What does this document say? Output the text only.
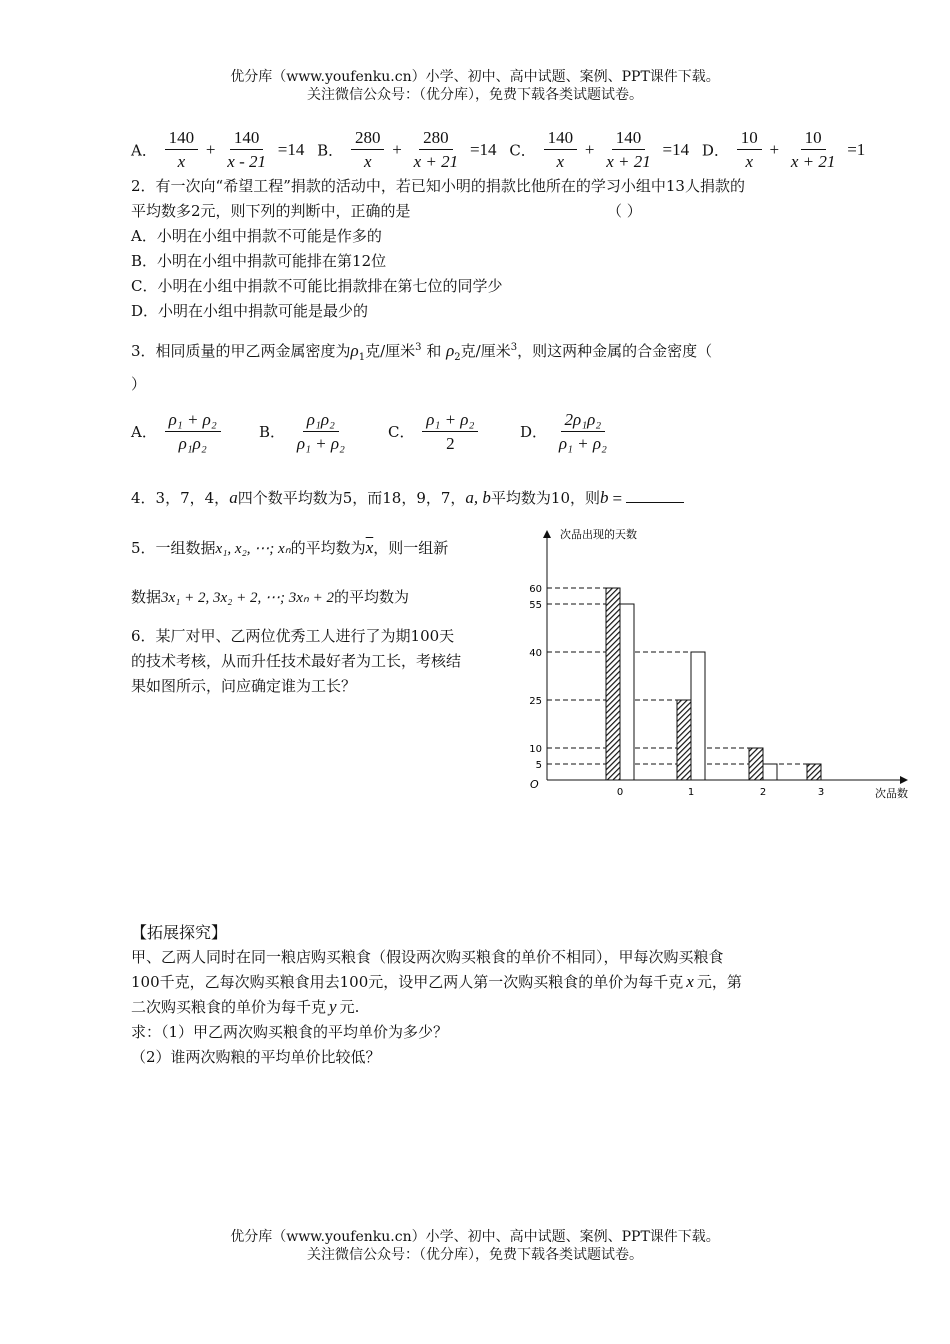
优分库（www.youfenku.cn）小学、初中、高中试题、案例、PPT课件下载。
关注微信公众号：（优分库），免费下载各类试题试卷。
A． $\frac{140}{x} + \frac{140}{x - 21} =14$ B． $\frac{280}{x} + \frac{280}{x + 21} =14$ C． $\frac{140}{x} + \frac{140}{x + 21} =14$ D． $\frac{10}{x} + \frac{10}{x + 21} =1$
2．有一次向“希望工程”捐款的活动中，若已知小明的捐款比他所在的学习小组中13人捐款的
平均数多2元，则下列的判断中，正确的是	（ ）
A．小明在小组中捐款不可能是作多的
B．小明在小组中捐款可能排在第12位
C．小明在小组中捐款不可能比捐款排在第七位的同学少
D．小明在小组中捐款可能是最少的
3．相同质量的甲乙两金属密度为$\rho_1$克/厘米$^3$ 和 $\rho_2$克/厘米$^3$，则这两种金属的合金密度（
）
A． $\frac{\text{ρ₁ + ρ₂}}{\text{ρ₁ρ₂}}$	B． $\frac{\text{ρ₁ρ₂}}{\text{ρ₁ + ρ₂}}$	C． $\frac{\text{ρ₁ + ρ₂}}{2}$	D． $\frac{\text{2ρ₁ρ₂}}{\text{ρ₁ + ρ₂}}$
4．3，7，4，a四个数平均数为5，而18，9，7，a, b平均数为10，则b =
5．一组数据x₁, x₂, ⋯; xₙ的平均数为$\overline{x}$，则一组新
数据3x₁ + 2, 3x₂ + 2, ⋯; 3xₙ + 2的平均数为
6．某厂对甲、乙两位优秀工人进行了为期100天
的技术考核，从而升任技术最好者为工长，考核结
果如图所示，问应确定谁为工长？
次品出现的天数
次品数
O
60
55
40
25
10
5
0	1	2	3
【拓展探究】
甲、乙两人同时在同一粮店购买粮食（假设两次购买粮食的单价不相同），甲每次购买粮食
100千克，乙每次购买粮食用去100元，设甲乙两人第一次购买粮食的单价为每千克 x 元，第
二次购买粮食的单价为每千克 y 元.
求：（1）甲乙两次购买粮食的平均单价为多少？
（2）谁两次购粮的平均单价比较低？
优分库（www.youfenku.cn）小学、初中、高中试题、案例、PPT课件下载。
关注微信公众号：（优分库），免费下载各类试题试卷。
